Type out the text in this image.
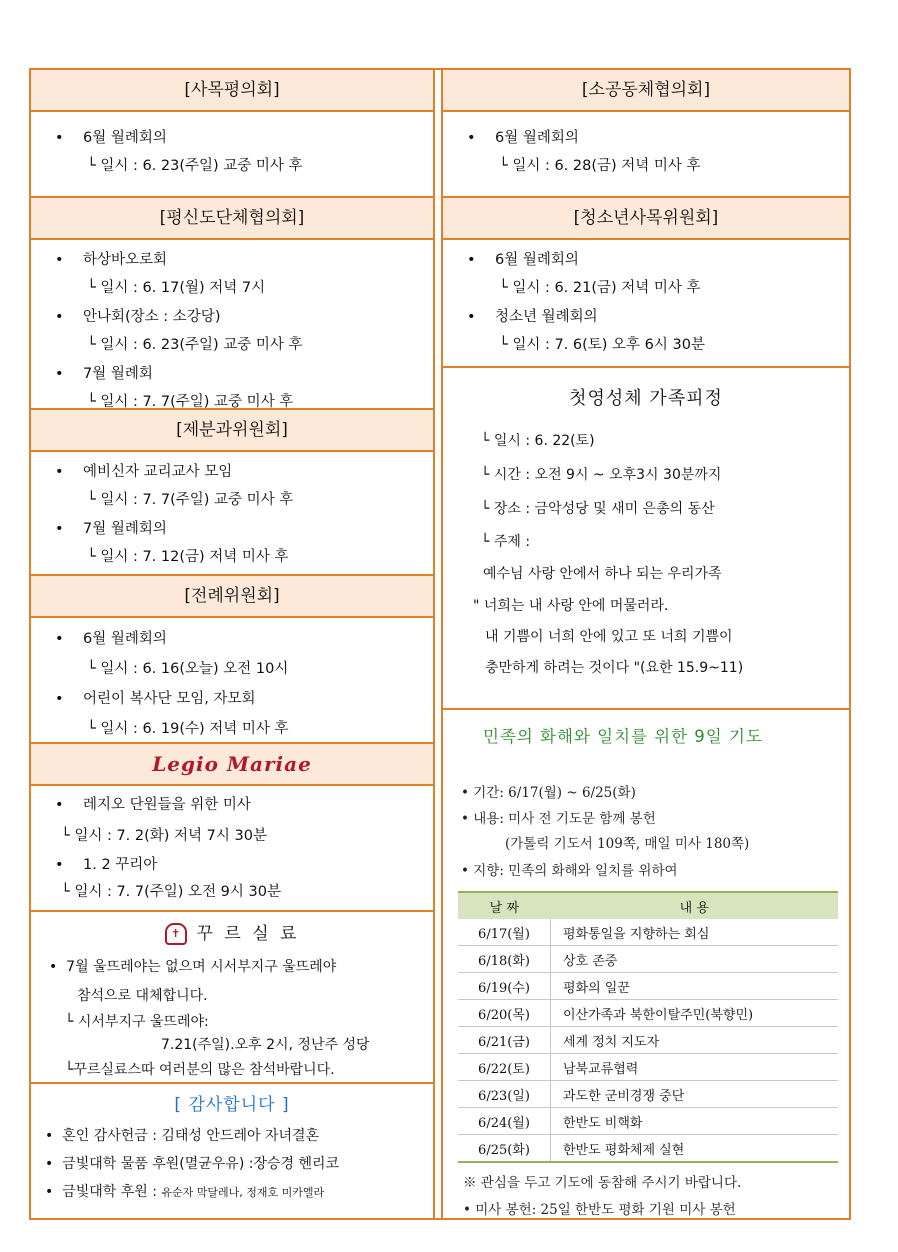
[사목평의회]
• 6월 월례회의
└ 일시 : 6. 23(주일) 교중 미사 후
[평신도단체협의회]
• 하상바오로회
└ 일시 : 6. 17(월) 저녁 7시
• 안나회(장소 : 소강당)
└ 일시 : 6. 23(주일) 교중 미사 후
• 7월 월례회
└ 일시 : 7. 7(주일) 교중 미사 후
[제분과위원회]
• 예비신자 교리교사 모임
└ 일시 : 7. 7(주일) 교중 미사 후
• 7월 월례회의
└ 일시 : 7. 12(금) 저녁 미사 후
[전례위원회]
• 6월 월례회의
└ 일시 : 6. 16(오늘) 오전 10시
• 어린이 복사단 모임, 자모회
└ 일시 : 6. 19(수) 저녁 미사 후
Legio Mariae
• 레지오 단원들을 위한 미사
└ 일시 : 7. 2(화) 저녁 7시 30분
• 1. 2 꾸리아
└ 일시 : 7. 7(주일) 오전 9시 30분
✝ 꾸 르 실 료
•  7월 울뜨레야는 없으며 시서부지구 울뜨레야
참석으로 대체합니다.
└ 시서부지구 울뜨레야:
7.21(주일).오후 2시, 정난주 성당
└꾸르실료스따 여러분의 많은 참석바랍니다.
[ 감사합니다 ]
•  혼인 감사헌금 : 김태성 안드레아 자녀결혼
•  금빛대학 물품 후원(멸균우유) :장승경 헨리코
•  금빛대학 후원 : 유순자 막달레나, 정재호 미카엘라
[소공동체협의회]
• 6월 월례회의
└ 일시 : 6. 28(금) 저녁 미사 후
[청소년사목위원회]
• 6월 월례회의
└ 일시 : 6. 21(금) 저녁 미사 후
• 청소년 월례회의
└ 일시 : 7. 6(토) 오후 6시 30분
첫영성체 가족피정
└ 일시 : 6. 22(토)
└ 시간 : 오전 9시 ~ 오후3시 30분까지
└ 장소 : 금악성당 및 새미 은총의 동산
└ 주제 :
예수님 사랑 안에서 하나 되는 우리가족
" 너희는 내 사랑 안에 머물러라.
내 기쁨이 너희 안에 있고 또 너희 기쁨이
충만하게 하려는 것이다 "(요한 15.9~11)
민족의 화해와 일치를 위한 9일 기도
• 기간: 6/17(월) ~ 6/25(화)
• 내용: 미사 전 기도문 함께 봉헌
(가톨릭 기도서 109쪽, 매일 미사 180쪽)
• 지향: 민족의 화해와 일치를 위하여
날 짜	내 용
6/17(월)	평화통일을 지향하는 회심
6/18(화)	상호 존중
6/19(수)	평화의 일꾼
6/20(목)	이산가족과 북한이탈주민(북향민)
6/21(금)	세계 정치 지도자
6/22(토)	남북교류협력
6/23(일)	과도한 군비경쟁 중단
6/24(월)	한반도 비핵화
6/25(화)	한반도 평화체제 실현
※ 관심을 두고 기도에 동참해 주시기 바랍니다.
• 미사 봉헌: 25일 한반도 평화 기원 미사 봉헌
